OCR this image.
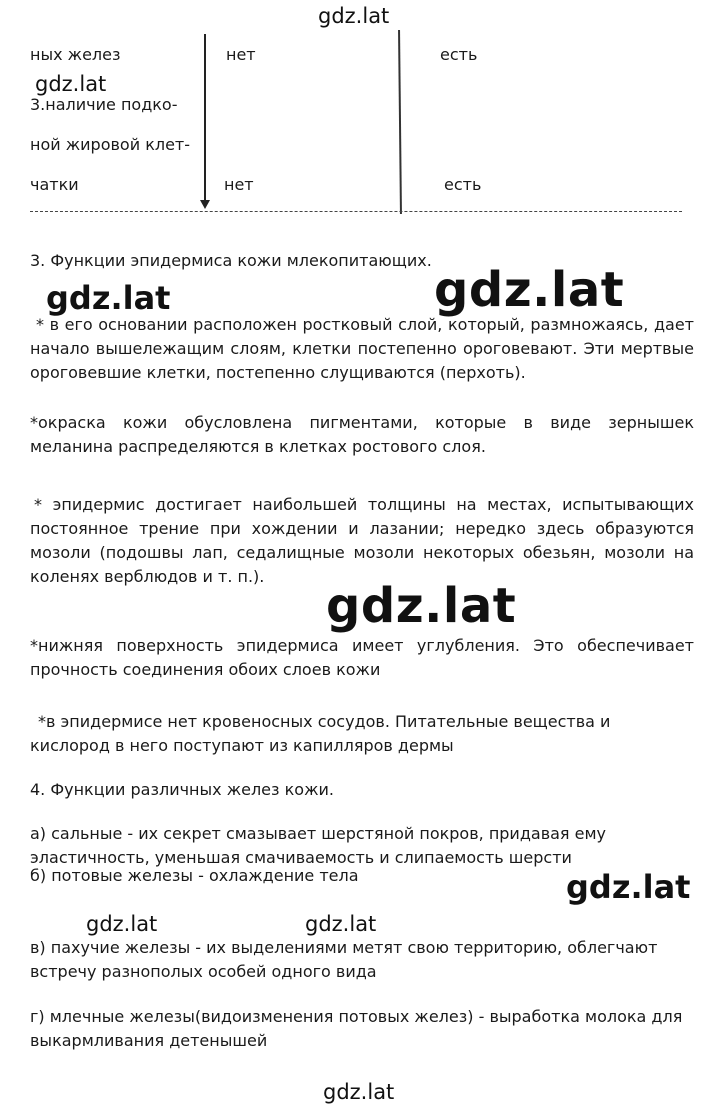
gdz.lat
ных желез	нет	есть
gdz.lat
3.наличие подко-
ной жировой клет-
чатки	нет	есть
3. Функции эпидермиса кожи млекопитающих.
gdz.lat	gdz.lat
* в его основании расположен ростковый слой, который, размножаясь, дает начало вышележащим слоям, клетки постепенно ороговевают. Эти мертвые ороговевшие клетки, постепенно слущиваются (перхоть).
*окраска кожи обусловлена пигментами, которые в виде зернышек меланина распределяются в клетках ростового слоя.
* эпидермис достигает наибольшей толщины на местах, испытывающих постоянное трение при хождении и лазании; нередко здесь образуются мозоли (подошвы лап, седалищные мозоли некоторых обезьян, мозоли на коленях верблюдов и т. п.).
gdz.lat
*нижняя поверхность эпидермиса имеет углубления. Это обеспечивает прочность соединения обоих слоев кожи
*в эпидермисе нет кровеносных сосудов. Питательные вещества и кислород в него поступают из капилляров дермы
4. Функции различных желез кожи.
а) сальные - их секрет смазывает шерстяной покров, придавая ему эластичность, уменьшая смачиваемость и слипаемость шерсти
б) потовые железы - охлаждение тела
gdz.lat	gdz.lat
gdz.lat
в) пахучие железы - их выделениями метят свою территорию, облегчают встречу разнополых особей одного вида
г) млечные железы(видоизменения потовых желез) - выработка молока для выкармливания детенышей
gdz.lat
